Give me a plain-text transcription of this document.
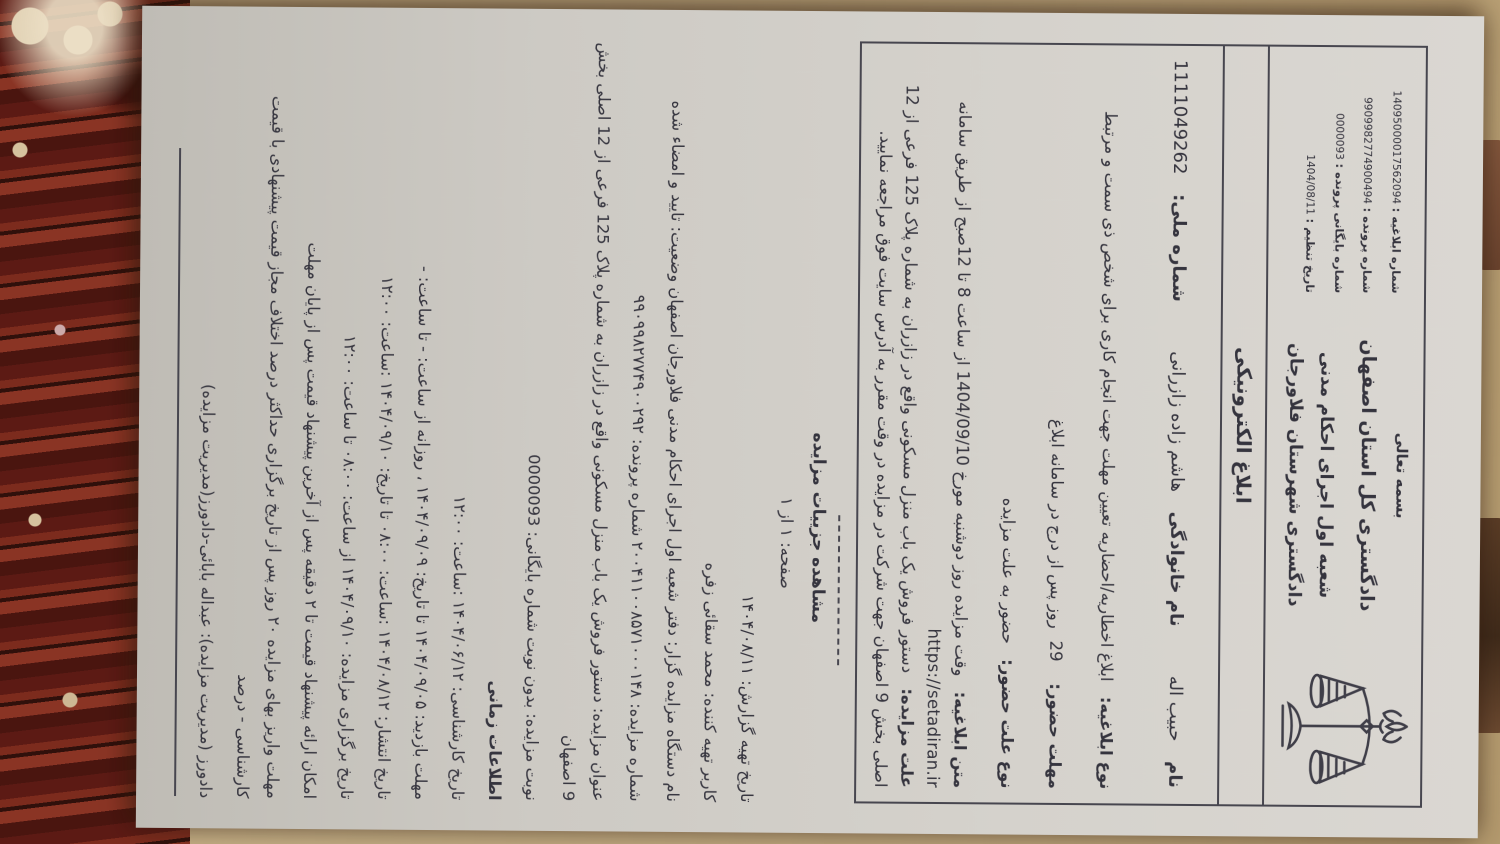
بسمه تعالی
دادگستری کل استان اصفهان
شعبه اول اجرای احکام مدنی دادگستری شهرستان فلاورجان
شماره ابلاغیه : 14095000017562094
شماره پرونده : 9909982774900494
شماره بایگانی پرونده : 0000093
تاریخ تنظیم : 1404/08/11
ابلاغ الکترونیکی
نام حبیب اله
نام خانوادگی هاشم زاده زازرانی
شماره ملی: 1111049262
نوع ابلاغیه: ابلاغ اخطاریه/احضاریه تعیین مهلت جهت انجام کاری برای شخص ذی سمت و مرتبط
مهلت حضور: 29 روز پس از درج در سامانه ابلاغ
نوع علت حضور: حضور به علت مزایده
متن ابلاغیه: وقت مزایده روز دوشنبه مورخ 1404/09/10 از ساعت 8 تا 12صبح از طریق سامانه https://setadiran.ir
علت مزایده: دستور فروش یک باب منزل مسکونی واقع در زازران به شماره پلاک 125 فرعی از 12
اصلی بخش 9 اصفهان جهت شرکت در مزایده در وقت مقرر به آدرس سایت فوق مراجعه نمایید.
مشاهده جزییات مزایده
صفحه: ۱ از ۱
تاریخ تهیه گزارش: ۱۴۰۴/۰۸/۱۱
کاربر تهیه کننده: محمد سقائی زفره
نام دستگاه مزایده گزار: دفتر شعبه اول اجرای احکام مدنی فلاورجان اصفهان وضعیت: تایید و امضاء شده
شماره مزایده: ۲۰۰۴۱۱۰۰۸۵۷۱۰۰۰۱۴۸ شماره پرونده: ۹۹۰۹۹۸۲۷۷۴۹۰۰۲۹۲
عنوان مزایده: دستور فروش یک باب منزل مسکونی واقع در زازران به شماره پلاک 125 فرعی از 12 اصلی بخش 9 اصفهان
نوبت مزایده: بدون نوبت شماره بایگانی: 0000093
اطلاعات زمانی
تاریخ کارشناسی: ۱۴۰۴/۰۶/۱۲ :ساعت: ۱۲:۰۰
مهلت بازدید: ۱۴۰۴/۰۹/۰۵ تا تاریخ: ۱۴۰۴/۰۹/۰۹ ، روزانه از ساعت: - تا ساعت: -
تاریخ انتشار: ۱۴۰۴/۰۸/۱۲ :ساعت: ۰۸:۰۰ تا تاریخ: ۱۴۰۴/۰۹/۱۰ :ساعت: ۱۲:۰۰
تاریخ برگزاری مزایده: ۱۴۰۴/۰۹/۱۰ از ساعت: ۰۸:۰۰ تا ساعت: ۱۲:۰۰
امکان ارائه پیشنهاد قیمت تا ۲ دقیقه پس از آخرین پیشنهاد قیمت پس از پایان مهلت
مهلت واریز بهای مزایده ۲۰ روز پس از تاریخ برگزاری حداکثر درصد اختلاف مجاز قیمت پیشنهادی با قیمت کارشناسی - درصد
دادورز (مدیریت مزایده): عبداله بابائی-دادورز(مدیریت مزایده)
